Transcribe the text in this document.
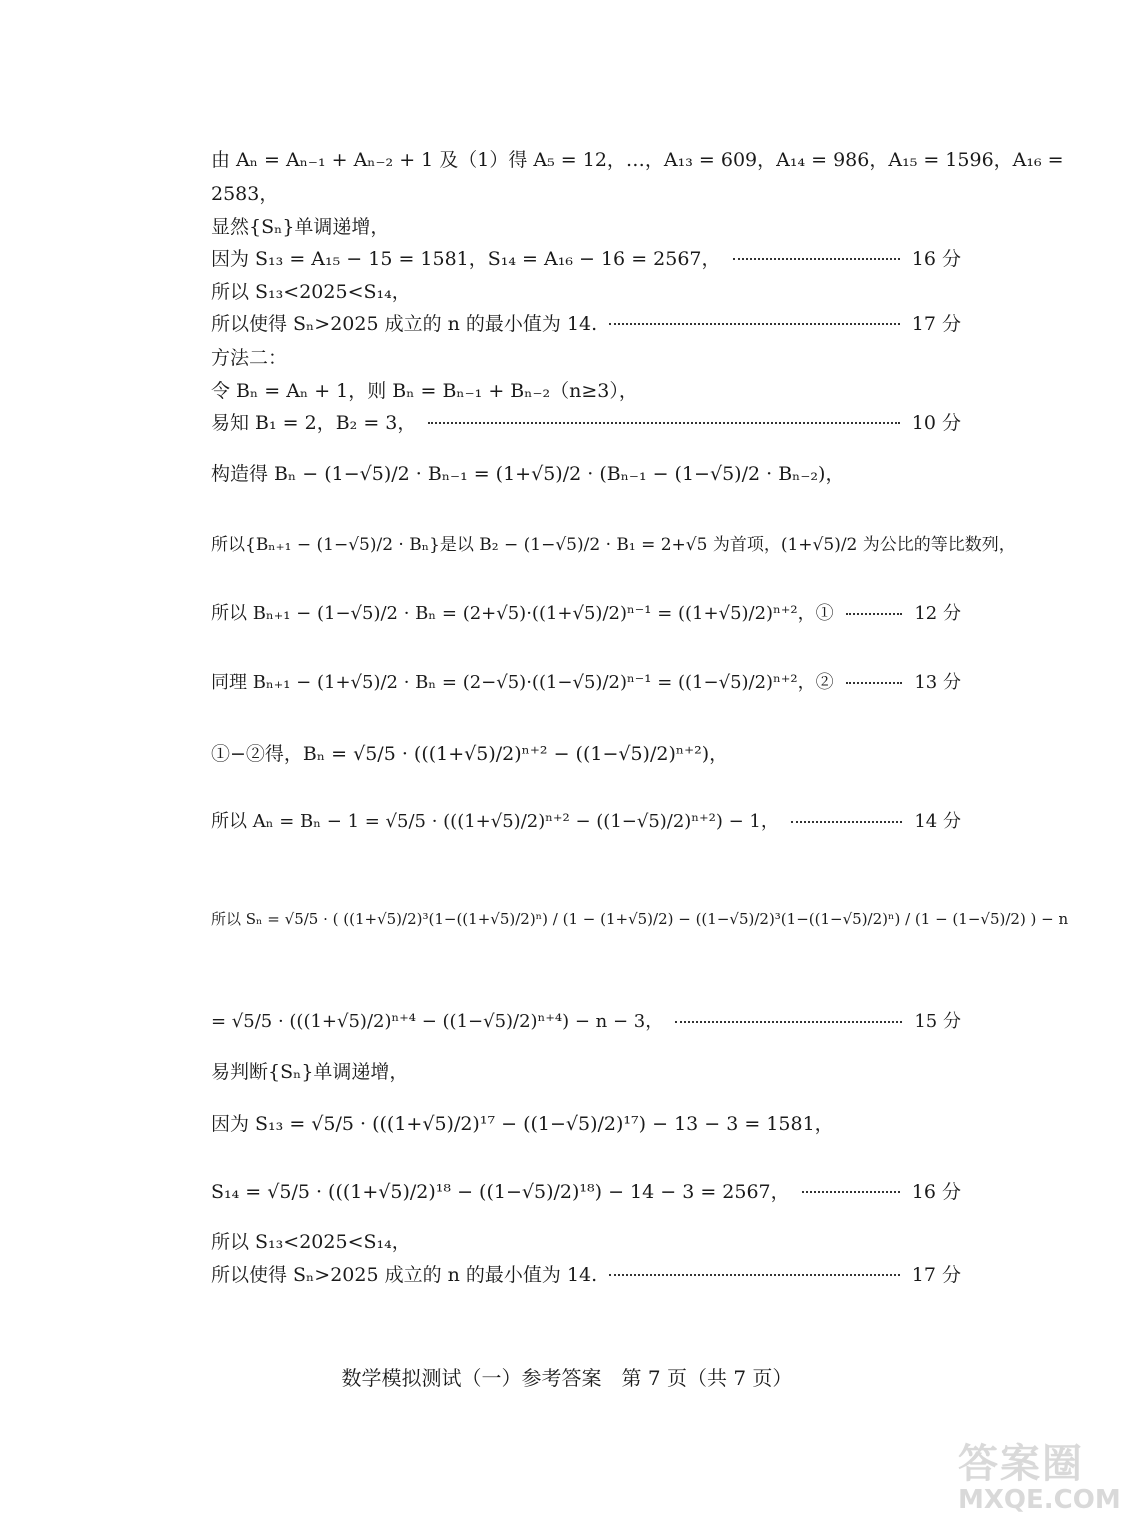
由 Aₙ = Aₙ₋₁ + Aₙ₋₂ + 1 及（1）得 A₅ = 12，…，A₁₃ = 609，A₁₄ = 986，A₁₅ = 1596，A₁₆ =
2583，
显然{Sₙ}单调递增，
因为 S₁₃ = A₁₅ − 15 = 1581，S₁₄ = A₁₆ − 16 = 2567，	16 分
所以 S₁₃<2025<S₁₄，
所以使得 Sₙ>2025 成立的 n 的最小值为 14.	17 分
方法二：
令 Bₙ = Aₙ + 1，则 Bₙ = Bₙ₋₁ + Bₙ₋₂（n≥3），
易知 B₁ = 2，B₂ = 3，	10 分
构造得 Bₙ − (1−√5)/2 · Bₙ₋₁ = (1+√5)/2 · (Bₙ₋₁ − (1−√5)/2 · Bₙ₋₂)，
所以{Bₙ₊₁ − (1−√5)/2 · Bₙ}是以 B₂ − (1−√5)/2 · B₁ = 2+√5 为首项，(1+√5)/2 为公比的等比数列，
所以 Bₙ₊₁ − (1−√5)/2 · Bₙ = (2+√5)·((1+√5)/2)ⁿ⁻¹ = ((1+√5)/2)ⁿ⁺²，①	12 分
同理 Bₙ₊₁ − (1+√5)/2 · Bₙ = (2−√5)·((1−√5)/2)ⁿ⁻¹ = ((1−√5)/2)ⁿ⁺²，②	13 分
①−②得，Bₙ = √5/5 · (((1+√5)/2)ⁿ⁺² − ((1−√5)/2)ⁿ⁺²)，
所以 Aₙ = Bₙ − 1 = √5/5 · (((1+√5)/2)ⁿ⁺² − ((1−√5)/2)ⁿ⁺²) − 1，	14 分
所以 Sₙ = √5/5 · ( ((1+√5)/2)³(1−((1+√5)/2)ⁿ) / (1 − (1+√5)/2) − ((1−√5)/2)³(1−((1−√5)/2)ⁿ) / (1 − (1−√5)/2) ) − n
= √5/5 · (((1+√5)/2)ⁿ⁺⁴ − ((1−√5)/2)ⁿ⁺⁴) − n − 3，	15 分
易判断{Sₙ}单调递增，
因为 S₁₃ = √5/5 · (((1+√5)/2)¹⁷ − ((1−√5)/2)¹⁷) − 13 − 3 = 1581，
S₁₄ = √5/5 · (((1+√5)/2)¹⁸ − ((1−√5)/2)¹⁸) − 14 − 3 = 2567，	16 分
所以 S₁₃<2025<S₁₄，
所以使得 Sₙ>2025 成立的 n 的最小值为 14.	17 分
数学模拟测试（一）参考答案　第 7 页（共 7 页）
答案圈
MXQE.COM
